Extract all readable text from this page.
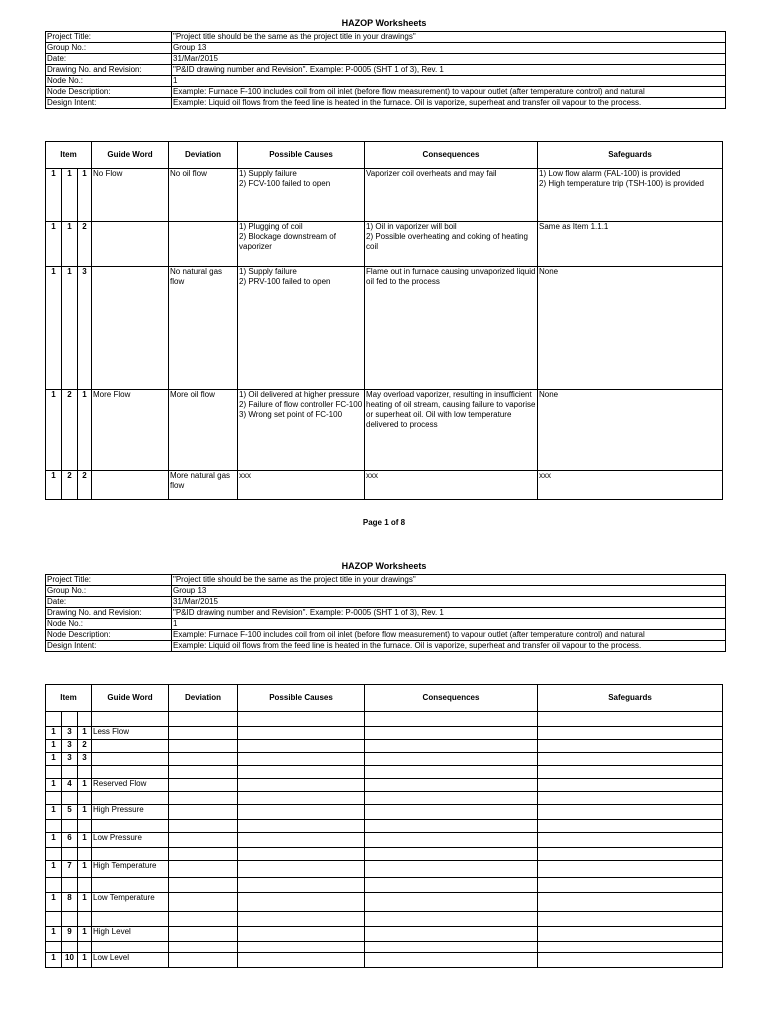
HAZOP Worksheets
Project Title:	"Project title should be the same as the project title in your drawings"
Group No.:	Group 13
Date:	31/Mar/2015
Drawing No. and Revision:	"P&ID drawing number and Revision". Example: P-0005 (SHT 1 of 3), Rev. 1
Node No.:	1
Node Description:	Example: Furnace F-100 includes coil from oil inlet (before flow measurement) to vapour outlet (after temperature control) and natural
Design Intent:	Example: Liquid oil flows from the feed line is heated in the furnace. Oil is vaporize, superheat and transfer oil vapour to the process.
Item			Guide Word	Deviation	Possible Causes	Consequences	Safeguards
1	1	1	No Flow	No oil flow	1) Supply failure
2) FCV-100 failed to open	Vaporizer coil overheats and may fail	1) Low flow alarm (FAL-100) is provided
2) High temperature trip (TSH-100) is provided
1	1	2			1) Plugging of coil
2) Blockage downstream of vaporizer	1) Oil in vaporizer will boil
2) Possible overheating and coking of heating coil	Same as Item 1.1.1
1	1	3		No natural gas flow	1) Supply failure
2) PRV-100 failed to open	Flame out in furnace causing unvaporized liquid oil fed to the process	None
1	2	1	More Flow	More oil flow	1) Oil delivered at higher pressure
2) Failure of flow controller FC-100
3) Wrong set point of FC-100	May overload vaporizer, resulting in insufficient heating of oil stream, causing failure to vaporise or superheat oil. Oil with low temperature delivered to process	None
1	2	2		More natural gas flow	xxx	xxx	xxx
Page 1 of 8
HAZOP Worksheets
Project Title:	"Project title should be the same as the project title in your drawings"
Group No.:	Group 13
Date:	31/Mar/2015
Drawing No. and Revision:	"P&ID drawing number and Revision". Example: P-0005 (SHT 1 of 3), Rev. 1
Node No.:	1
Node Description:	Example: Furnace F-100 includes coil from oil inlet (before flow measurement) to vapour outlet (after temperature control) and natural
Design Intent:	Example: Liquid oil flows from the feed line is heated in the furnace. Oil is vaporize, superheat and transfer oil vapour to the process.
Item			Guide Word	Deviation	Possible Causes	Consequences	Safeguards

1	3	1	Less Flow				
1	3	2					
1	3	3					

1	4	1	Reserved Flow				

1	5	1	High Pressure				

1	6	1	Low Pressure				

1	7	1	High Temperature				

1	8	1	Low Temperature				

1	9	1	High Level				

1	10	1	Low Level				
